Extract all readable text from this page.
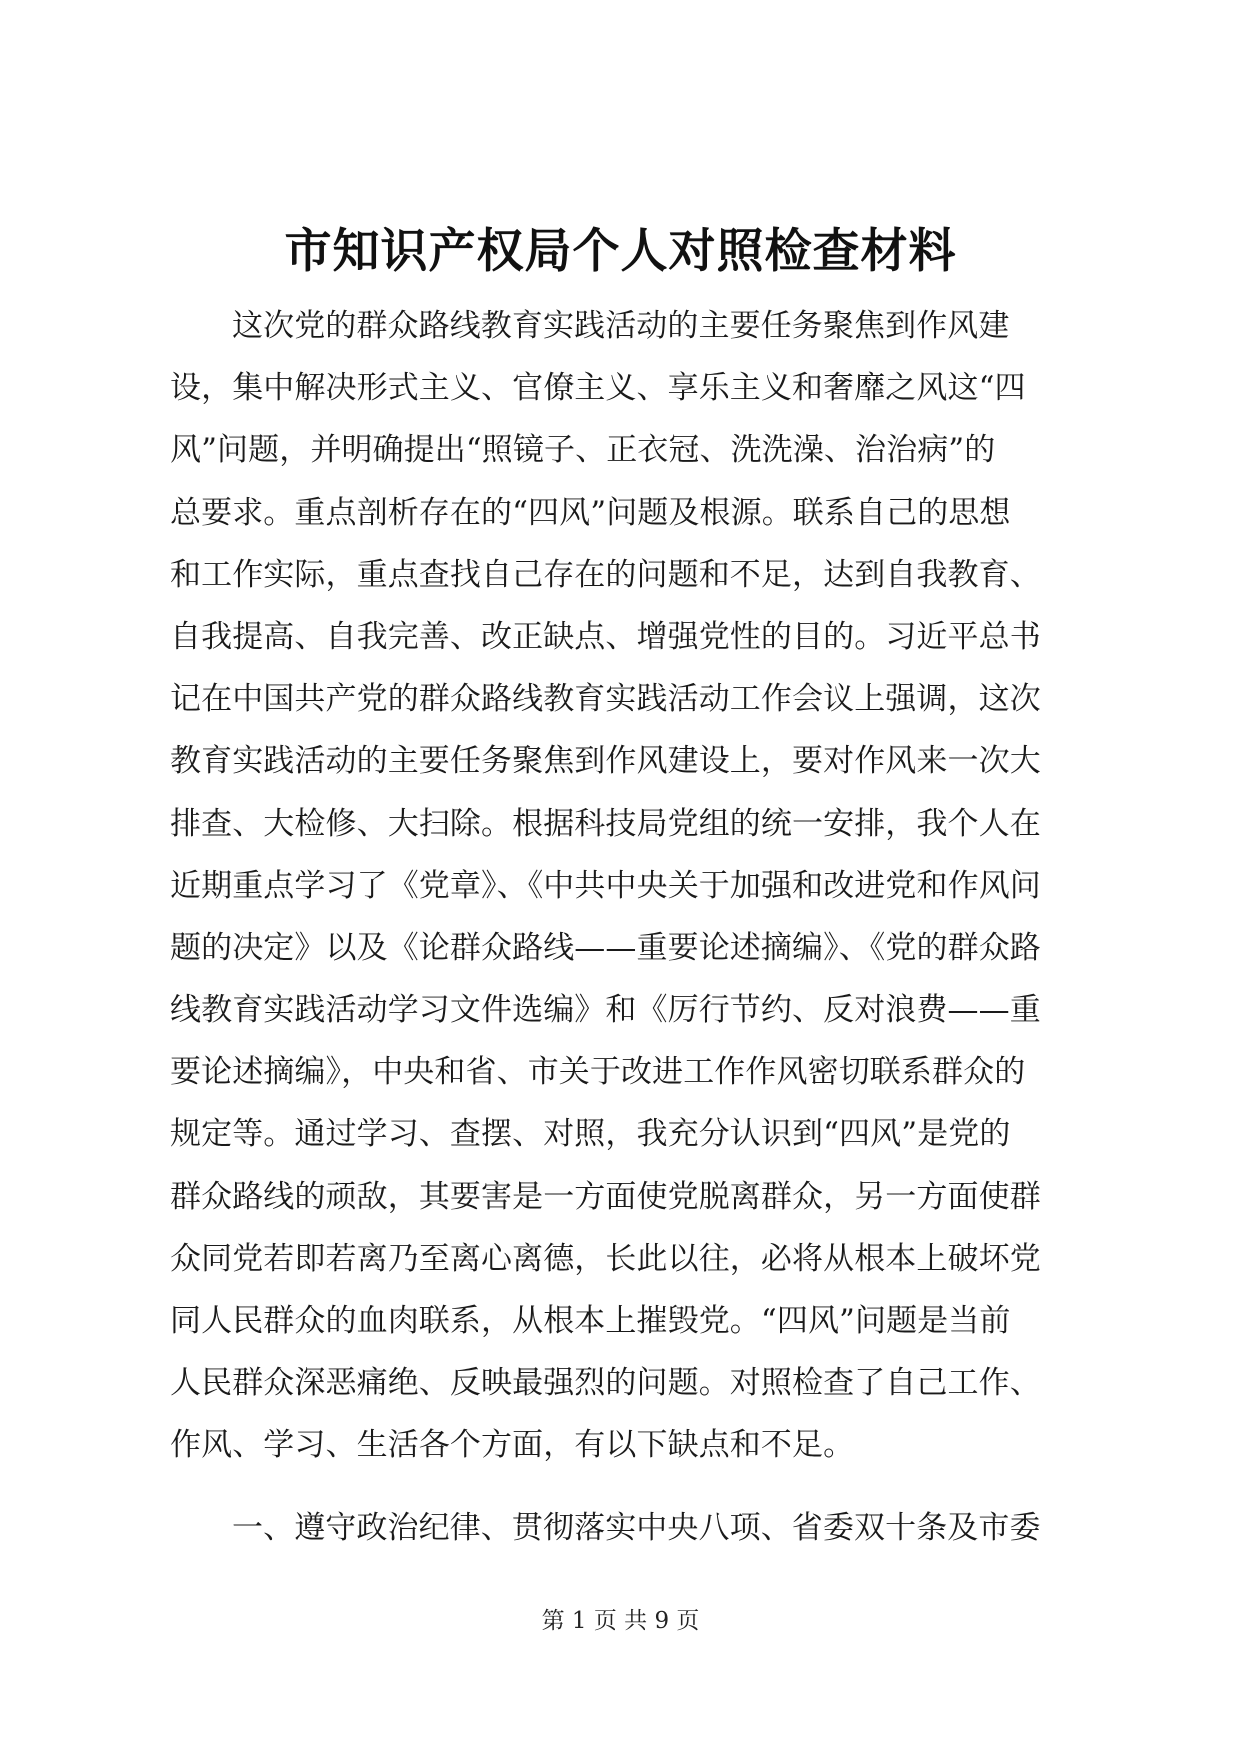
市知识产权局个人对照检查材料
这次党的群众路线教育实践活动的主要任务聚焦到作风建
设，集中解决形式主义、官僚主义、享乐主义和奢靡之风这“四
风”问题，并明确提出“照镜子、正衣冠、洗洗澡、治治病”的
总要求。重点剖析存在的“四风”问题及根源。联系自己的思想
和工作实际，重点查找自己存在的问题和不足，达到自我教育、
自我提高、自我完善、改正缺点、增强党性的目的。习近平总书
记在中国共产党的群众路线教育实践活动工作会议上强调，这次
教育实践活动的主要任务聚焦到作风建设上，要对作风来一次大
排查、大检修、大扫除。根据科技局党组的统一安排，我个人在
近期重点学习了《党章》、《中共中央关于加强和改进党和作风问
题的决定》以及《论群众路线——重要论述摘编》、《党的群众路
线教育实践活动学习文件选编》和《厉行节约、反对浪费——重
要论述摘编》，中央和省、市关于改进工作作风密切联系群众的
规定等。通过学习、查摆、对照，我充分认识到“四风”是党的
群众路线的顽敌，其要害是一方面使党脱离群众，另一方面使群
众同党若即若离乃至离心离德，长此以往，必将从根本上破坏党
同人民群众的血肉联系，从根本上摧毁党。“四风”问题是当前
人民群众深恶痛绝、反映最强烈的问题。对照检查了自己工作、
作风、学习、生活各个方面，有以下缺点和不足。
一、遵守政治纪律、贯彻落实中央八项、省委双十条及市委
第 1 页 共 9 页
